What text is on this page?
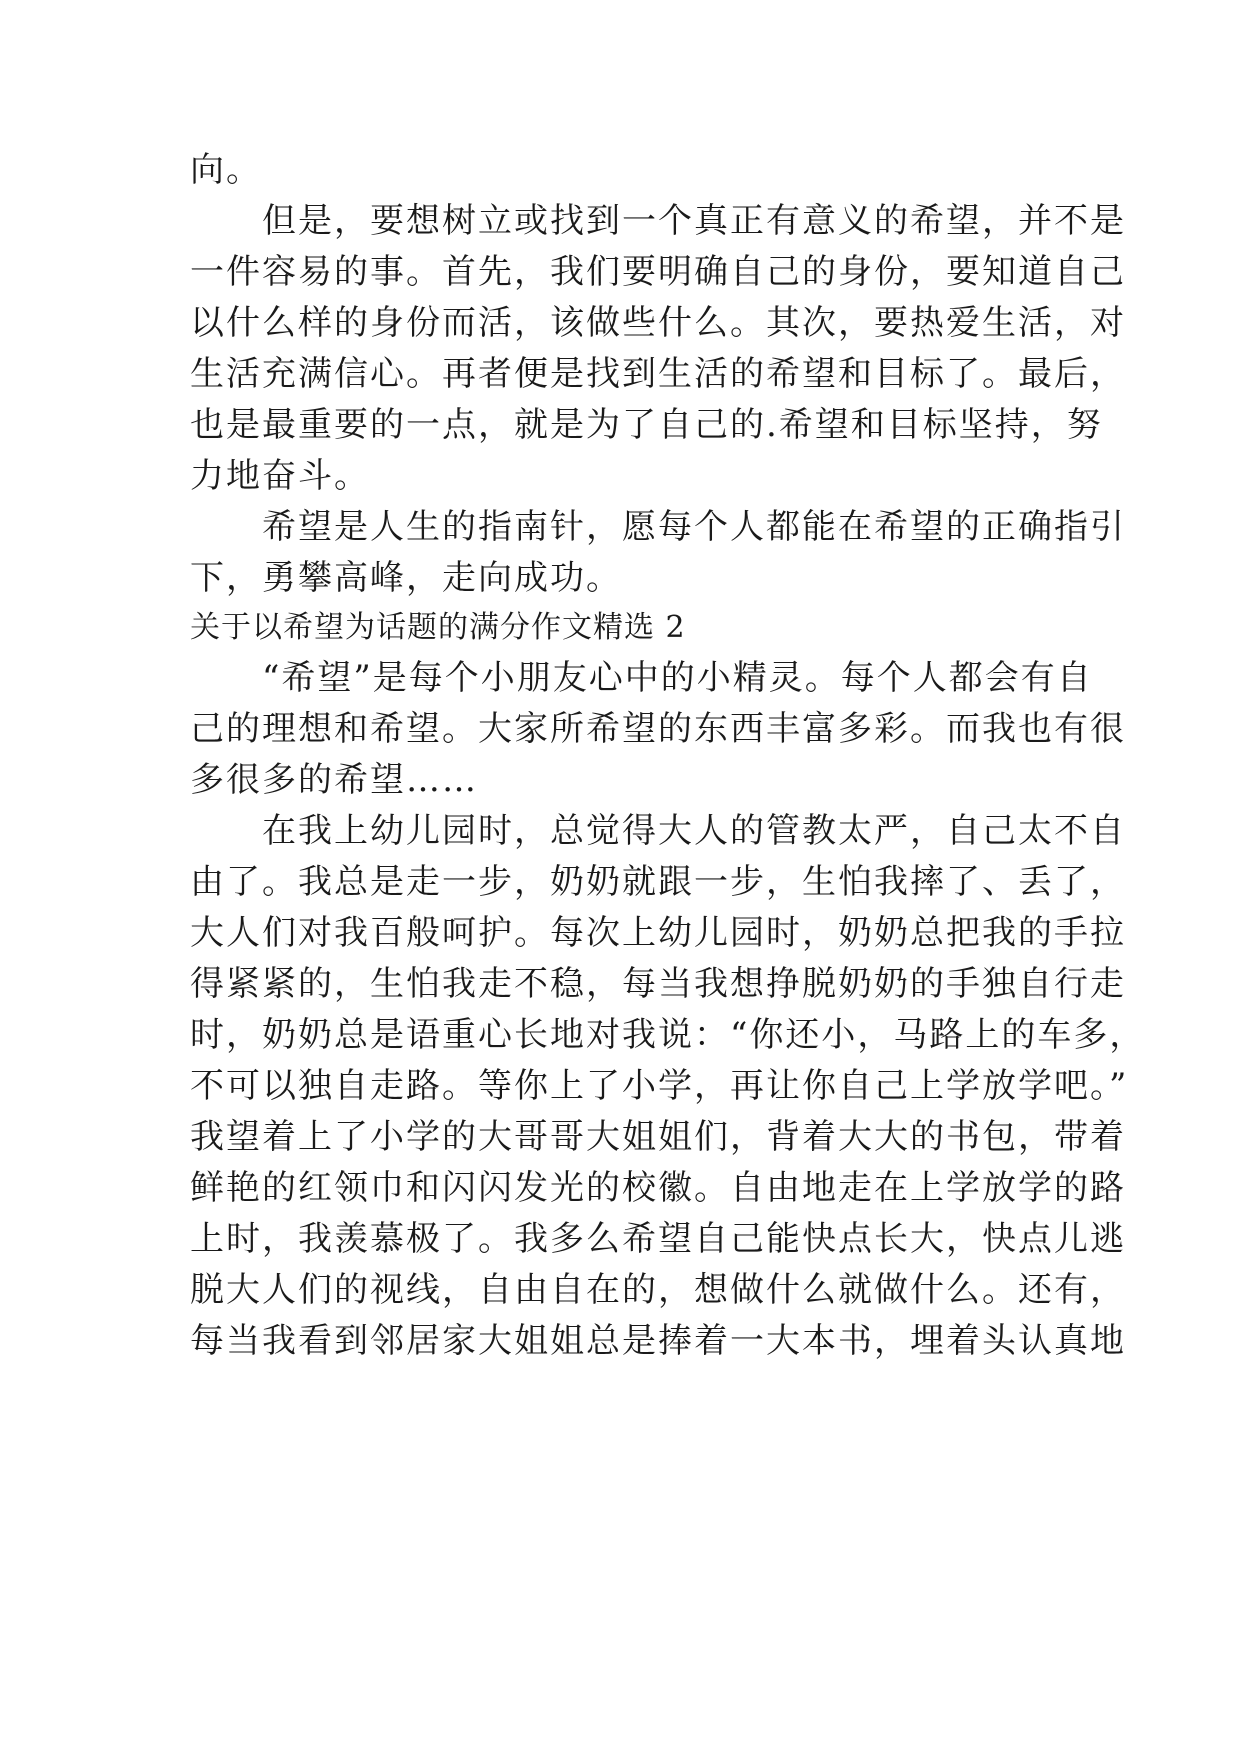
向。
　　但是，要想树立或找到一个真正有意义的希望，并不是
一件容易的事。首先，我们要明确自己的身份，要知道自己
以什么样的身份而活，该做些什么。其次，要热爱生活，对
生活充满信心。再者便是找到生活的希望和目标了。最后，
也是最重要的一点，就是为了自己的.希望和目标坚持，努
力地奋斗。
　　希望是人生的指南针，愿每个人都能在希望的正确指引
下，勇攀高峰，走向成功。
关于以希望为话题的满分作文精选 2
　　“希望”是每个小朋友心中的小精灵。每个人都会有自
己的理想和希望。大家所希望的东西丰富多彩。而我也有很
多很多的希望……
　　在我上幼儿园时，总觉得大人的管教太严，自己太不自
由了。我总是走一步，奶奶就跟一步，生怕我摔了、丢了，
大人们对我百般呵护。每次上幼儿园时，奶奶总把我的手拉
得紧紧的，生怕我走不稳，每当我想挣脱奶奶的手独自行走
时，奶奶总是语重心长地对我说：“你还小，马路上的车多，
不可以独自走路。等你上了小学，再让你自己上学放学吧。”
我望着上了小学的大哥哥大姐姐们，背着大大的书包，带着
鲜艳的红领巾和闪闪发光的校徽。自由地走在上学放学的路
上时，我羡慕极了。我多么希望自己能快点长大，快点儿逃
脱大人们的视线，自由自在的，想做什么就做什么。还有，
每当我看到邻居家大姐姐总是捧着一大本书，埋着头认真地
